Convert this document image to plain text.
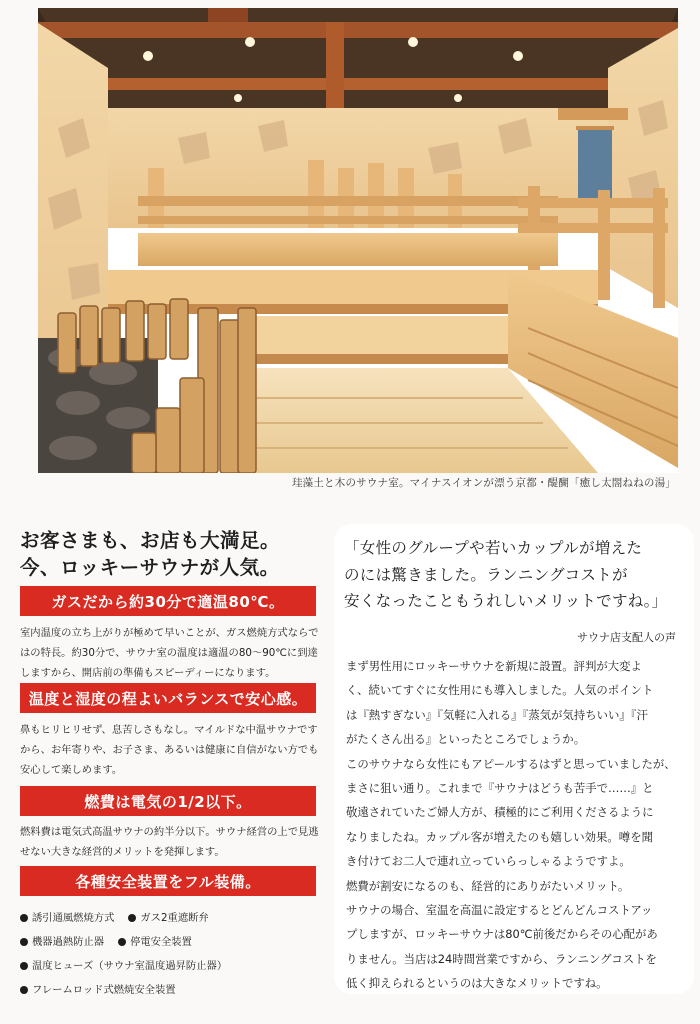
珪藻土と木のサウナ室。マイナスイオンが漂う京都・醍醐「癒し太閤ねねの湯」
お客さまも、お店も大満足。
今、ロッキーサウナが人気。
ガスだから約30分で適温80℃。

室内温度の立ち上がりが極めて早いことが、ガス燃焼方式ならではの特長。約30分で、サウナ室の温度は適温の80～90℃に到達しますから、開店前の準備もスピーディーになります。

温度と湿度の程よいバランスで安心感。

鼻もヒリヒリせず、息苦しさもなし。マイルドな中温サウナですから、お年寄りや、お子さま、あるいは健康に自信がない方でも安心して楽しめます。

燃費は電気の1/2以下。

燃料費は電気式高温サウナの約半分以下。サウナ経営の上で見逃せない大きな経営的メリットを発揮します。

各種安全装置をフル装備。
誘引通風燃焼方式	ガス2重遮断弁
機器過熱防止器	停電安全装置
温度ヒューズ（サウナ室温度過昇防止器）
フレームロッド式燃焼安全装置
「女性のグループや若いカップルが増えた
のには驚きました。ランニングコストが
安くなったこともうれしいメリットですね。」
サウナ店支配人の声

まず男性用にロッキーサウナを新規に設置。評判が大変よ
く、続いてすぐに女性用にも導入しました。人気のポイント
は『熱すぎない』『気軽に入れる』『蒸気が気持ちいい』『汗
がたくさん出る』といったところでしょうか。
このサウナなら女性にもアピールするはずと思っていましたが、
まさに狙い通り。これまで『サウナはどうも苦手で……』と
敬遠されていたご婦人方が、積極的にご利用くださるように
なりましたね。カップル客が増えたのも嬉しい効果。噂を聞
き付けてお二人で連れ立っていらっしゃるようですよ。
燃費が割安になるのも、経営的にありがたいメリット。
サウナの場合、室温を高温に設定するとどんどんコストアッ
プしますが、ロッキーサウナは80℃前後だからその心配があ
りません。当店は24時間営業ですから、ランニングコストを
低く抑えられるというのは大きなメリットですね。
